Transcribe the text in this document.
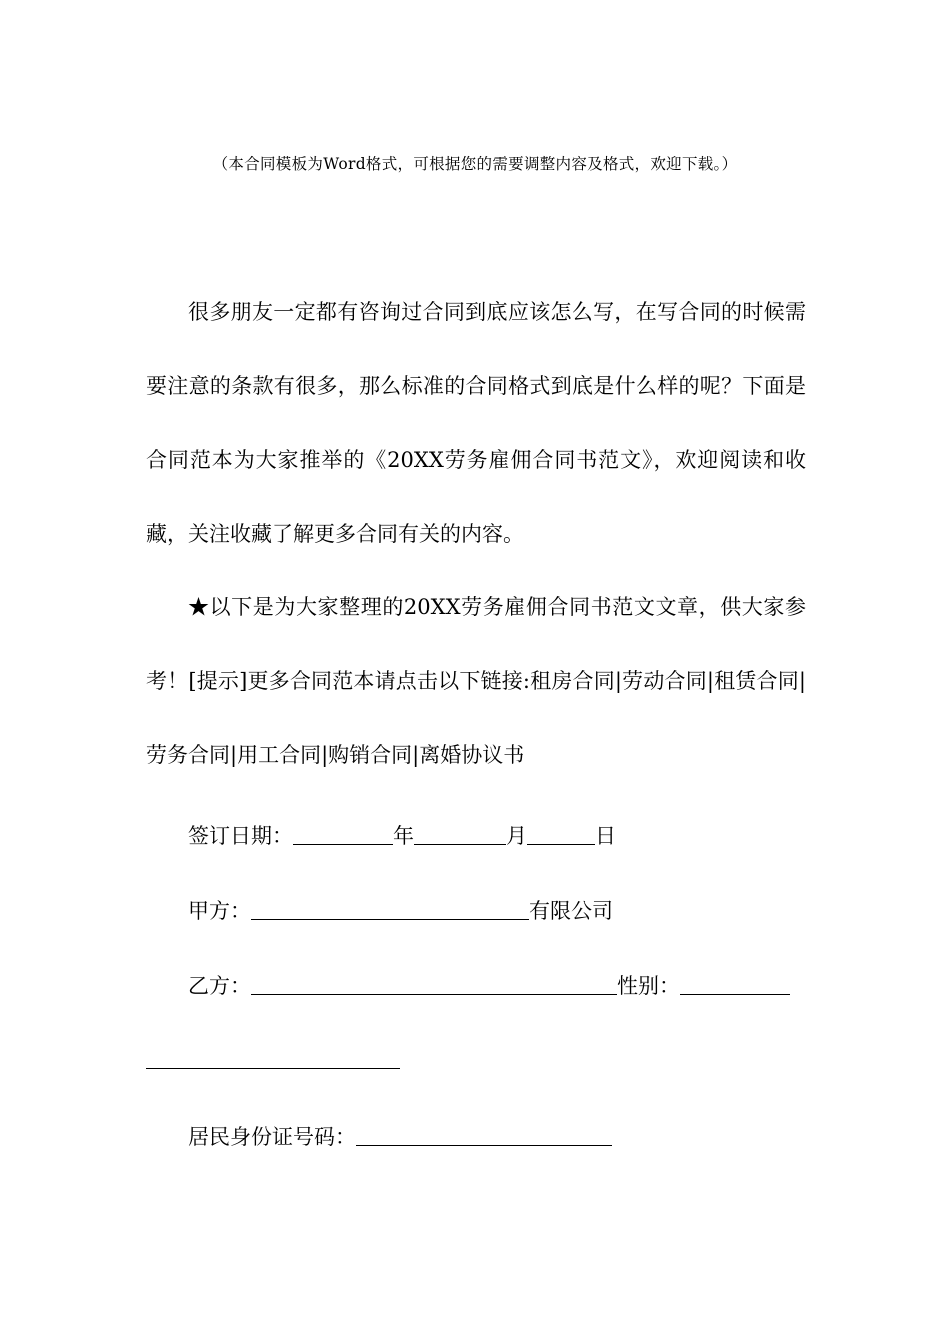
（本合同模板为Word格式，可根据您的需要调整内容及格式，欢迎下载。）

很多朋友一定都有咨询过合同到底应该怎么写，在写合同的时候需要注意的条款有很多，那么标准的合同格式到底是什么样的呢？下面是合同范本为大家推举的《20XX劳务雇佣合同书范文》，欢迎阅读和收藏，关注收藏了解更多合同有关的内容。

★以下是为大家整理的20XX劳务雇佣合同书范文文章，供大家参考！[提示]更多合同范本请点击以下链接:租房合同|劳动合同|租赁合同|劳务合同|用工合同|购销合同|离婚协议书

签订日期：	年	月	日
甲方：	有限公司
乙方：	性别：
居民身份证号码：
